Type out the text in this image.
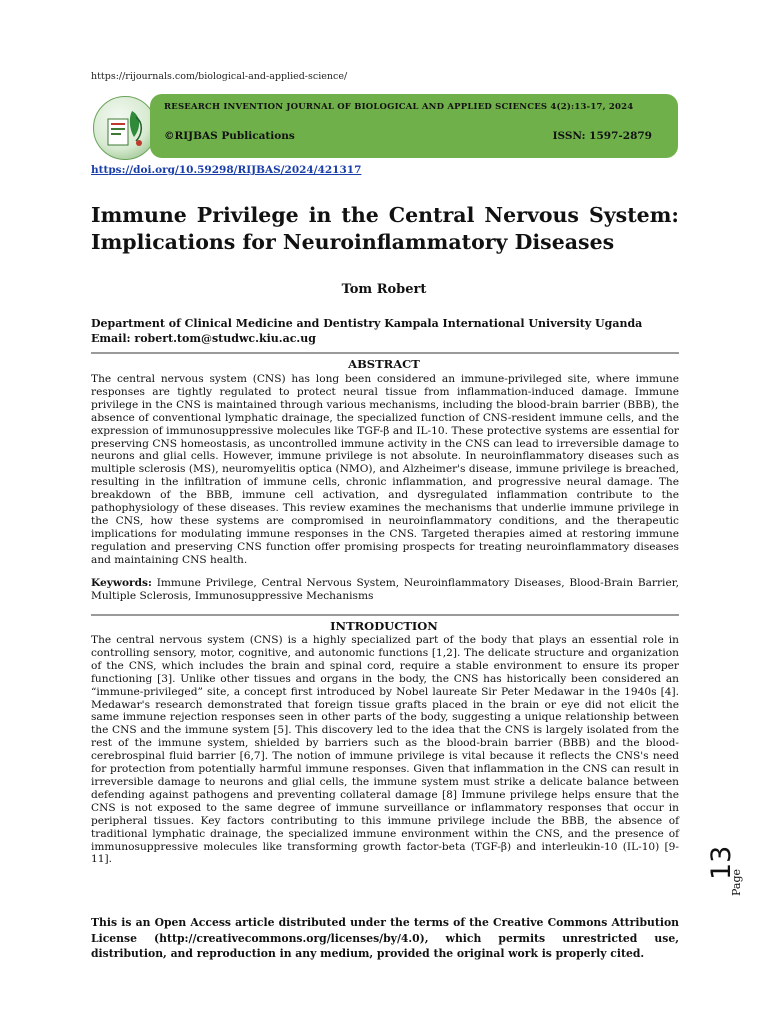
https://rijournals.com/biological-and-applied-science/
RESEARCH INVENTION JOURNAL OF BIOLOGICAL AND APPLIED SCIENCES 4(2):13-17, 2024
©RIJBAS Publications	ISSN: 1597-2879
https://doi.org/10.59298/RIJBAS/2024/421317
Immune Privilege in the Central Nervous System: Implications for Neuroinflammatory Diseases
Tom Robert
Department of Clinical Medicine and Dentistry Kampala International University Uganda
Email: robert.tom@studwc.kiu.ac.ug
ABSTRACT

The central nervous system (CNS) has long been considered an immune-privileged site, where immune responses are tightly regulated to protect neural tissue from inflammation-induced damage. Immune privilege in the CNS is maintained through various mechanisms, including the blood-brain barrier (BBB), the absence of conventional lymphatic drainage, the specialized function of CNS-resident immune cells, and the expression of immunosuppressive molecules like TGF-β and IL-10. These protective systems are essential for preserving CNS homeostasis, as uncontrolled immune activity in the CNS can lead to irreversible damage to neurons and glial cells. However, immune privilege is not absolute. In neuroinflammatory diseases such as multiple sclerosis (MS), neuromyelitis optica (NMO), and Alzheimer's disease, immune privilege is breached, resulting in the infiltration of immune cells, chronic inflammation, and progressive neural damage. The breakdown of the BBB, immune cell activation, and dysregulated inflammation contribute to the pathophysiology of these diseases. This review examines the mechanisms that underlie immune privilege in the CNS, how these systems are compromised in neuroinflammatory conditions, and the therapeutic implications for modulating immune responses in the CNS. Targeted therapies aimed at restoring immune regulation and preserving CNS function offer promising prospects for treating neuroinflammatory diseases and maintaining CNS health.

Keywords: Immune Privilege, Central Nervous System, Neuroinflammatory Diseases, Blood-Brain Barrier, Multiple Sclerosis, Immunosuppressive Mechanisms

INTRODUCTION

The central nervous system (CNS) is a highly specialized part of the body that plays an essential role in controlling sensory, motor, cognitive, and autonomic functions [1,2]. The delicate structure and organization of the CNS, which includes the brain and spinal cord, require a stable environment to ensure its proper functioning [3]. Unlike other tissues and organs in the body, the CNS has historically been considered an “immune-privileged” site, a concept first introduced by Nobel laureate Sir Peter Medawar in the 1940s [4]. Medawar's research demonstrated that foreign tissue grafts placed in the brain or eye did not elicit the same immune rejection responses seen in other parts of the body, suggesting a unique relationship between the CNS and the immune system [5]. This discovery led to the idea that the CNS is largely isolated from the rest of the immune system, shielded by barriers such as the blood-brain barrier (BBB) and the blood-cerebrospinal fluid barrier [6,7]. The notion of immune privilege is vital because it reflects the CNS's need for protection from potentially harmful immune responses. Given that inflammation in the CNS can result in irreversible damage to neurons and glial cells, the immune system must strike a delicate balance between defending against pathogens and preventing collateral damage [8] Immune privilege helps ensure that the CNS is not exposed to the same degree of immune surveillance or inflammatory responses that occur in peripheral tissues. Key factors contributing to this immune privilege include the BBB, the absence of traditional lymphatic drainage, the specialized immune environment within the CNS, and the presence of immunosuppressive molecules like transforming growth factor-beta (TGF-β) and interleukin-10 (IL-10) [9-11].

This is an Open Access article distributed under the terms of the Creative Commons Attribution License (http://creativecommons.org/licenses/by/4.0), which permits unrestricted use, distribution, and reproduction in any medium, provided the original work is properly cited.
13
Page
